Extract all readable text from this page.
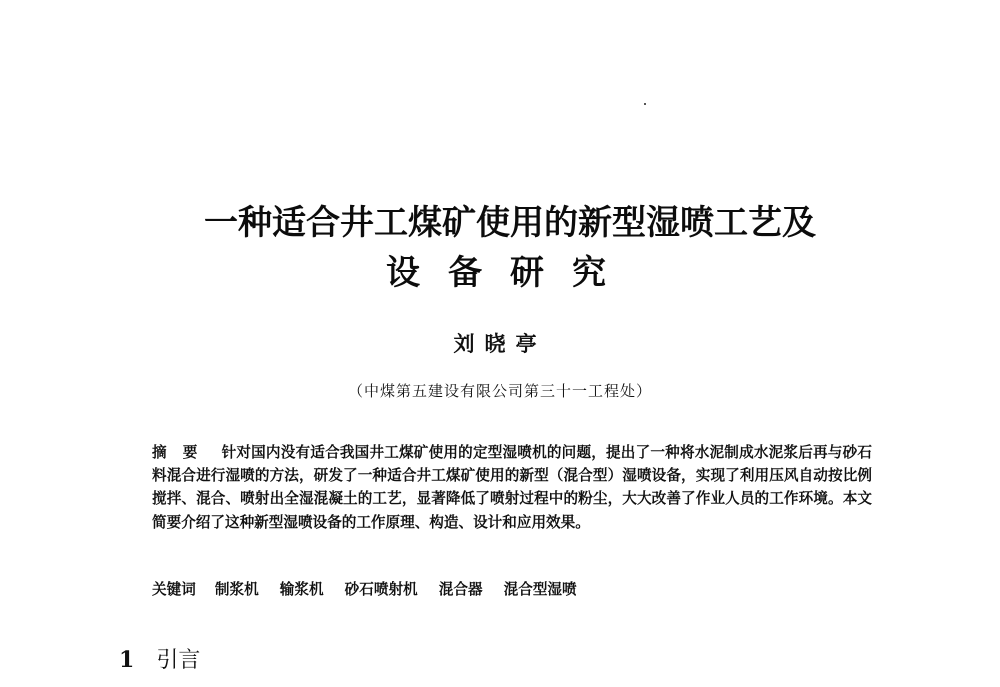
一种适合井工煤矿使用的新型湿喷工艺及
设备研究
刘晓亭
（中煤第五建设有限公司第三十一工程处）
摘要 针对国内没有适合我国井工煤矿使用的定型湿喷机的问题，提出了一种将水泥制成水泥浆后再与砂石料混合进行湿喷的方法，研发了一种适合井工煤矿使用的新型（混合型）湿喷设备，实现了利用压风自动按比例搅拌、混合、喷射出全湿混凝土的工艺，显著降低了喷射过程中的粉尘，大大改善了作业人员的工作环境。本文简要介绍了这种新型湿喷设备的工作原理、构造、设计和应用效果。
关键词 制浆机 输浆机 砂石喷射机 混合器 混合型湿喷
1 引言
